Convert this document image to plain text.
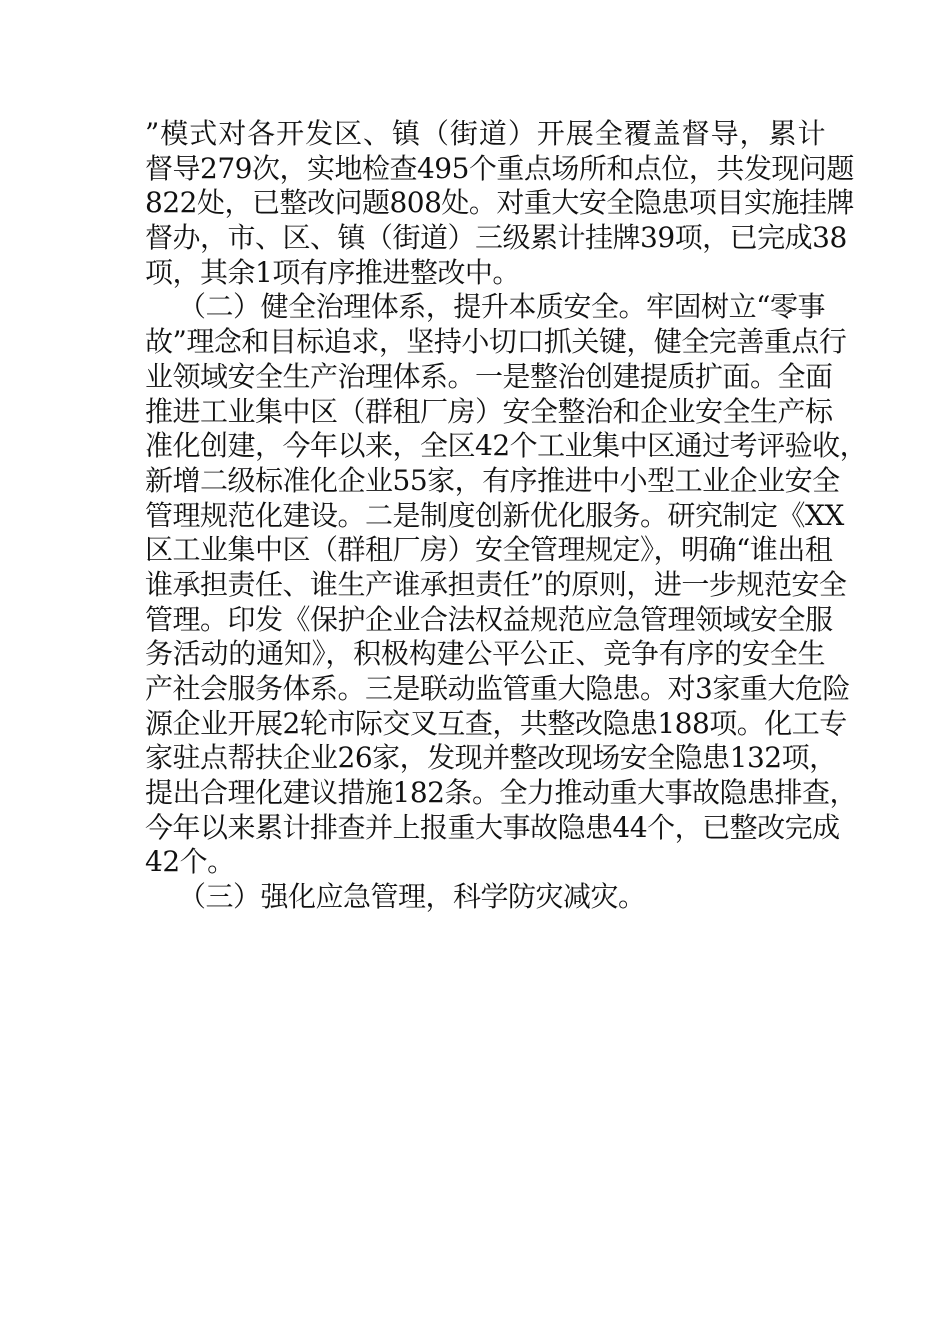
”模式对各开发区、镇（街道）开展全覆盖督导，累计
督导279次，实地检查495个重点场所和点位，共发现问题
822处，已整改问题808处。对重大安全隐患项目实施挂牌
督办，市、区、镇（街道）三级累计挂牌39项，已完成38
项，其余1项有序推进整改中。
（二）健全治理体系，提升本质安全。牢固树立“零事
故”理念和目标追求，坚持小切口抓关键，健全完善重点行
业领域安全生产治理体系。一是整治创建提质扩面。全面
推进工业集中区（群租厂房）安全整治和企业安全生产标
准化创建，今年以来，全区42个工业集中区通过考评验收，
新增二级标准化企业55家，有序推进中小型工业企业安全
管理规范化建设。二是制度创新优化服务。研究制定《XX
区工业集中区（群租厂房）安全管理规定》，明确“谁出租
谁承担责任、谁生产谁承担责任”的原则，进一步规范安全
管理。印发《保护企业合法权益规范应急管理领域安全服
务活动的通知》，积极构建公平公正、竞争有序的安全生
产社会服务体系。三是联动监管重大隐患。对3家重大危险
源企业开展2轮市际交叉互查，共整改隐患188项。化工专
家驻点帮扶企业26家，发现并整改现场安全隐患132项，
提出合理化建议措施182条。全力推动重大事故隐患排查，
今年以来累计排查并上报重大事故隐患44个，已整改完成
42个。
（三）强化应急管理，科学防灾减灾。
